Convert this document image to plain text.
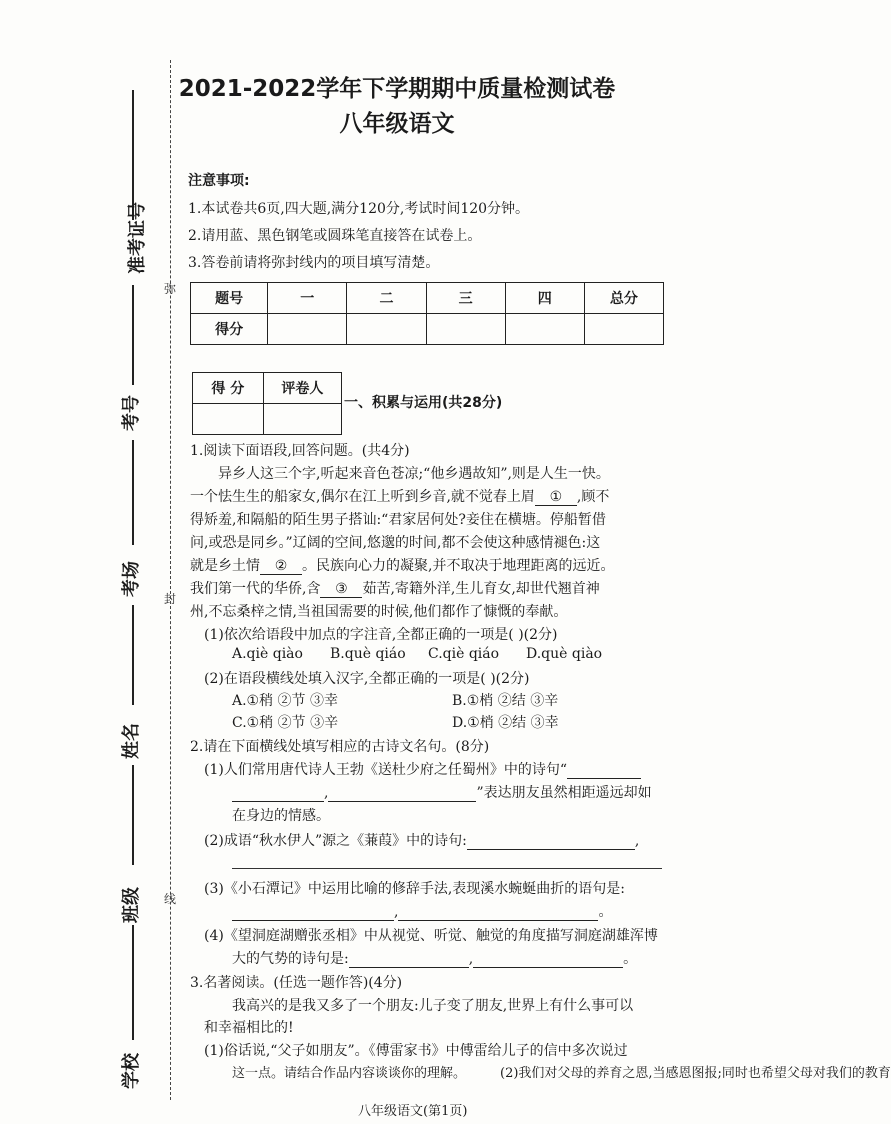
准考证号
考号
考场
姓名
班级
学校
弥
封
线
2021-2022学年下学期期中质量检测试卷
八年级语文
注意事项:
1.本试卷共6页,四大题,满分120分,考试时间120分钟。
2.请用蓝、黑色钢笔或圆珠笔直接答在试卷上。
3.答卷前请将弥封线内的项目填写清楚。
题号	一	二	三	四	总分
得分					
得 分	评卷人

一、积累与运用(共28分)
1.阅读下面语段,回答问题。(共4分)
异乡人这三个字,听起来音色苍凉;“他乡遇故知”,则是人生一快。
一个怯生生的船家女,偶尔在江上听到乡音,就不觉春上眉 ① ,顾不
得矫羞,和隔船的陌生男子搭讪:“君家居何处?妾住在横塘。停船暂借
问,或恐是同乡。”辽阔的空间,悠邈的时间,都不会使这种感情褪色:这
就是乡土情 ② 。民族向心力的凝聚,并不取决于地理距离的远近。
我们第一代的华侨,含 ③ 茹苦,寄籍外洋,生儿育女,却世代翘首神
州,不忘桑梓之情,当祖国需要的时候,他们都作了慷慨的奉献。
(1)依次给语段中加点的字注音,全都正确的一项是( )(2分)
A.qiè qiào B.què qiáo C.qiè qiáo D.què qiào
(2)在语段横线处填入汉字,全都正确的一项是( )(2分)
A.①稍 ②节 ③幸	B.①梢 ②结 ③辛
C.①稍 ②节 ③辛	D.①梢 ②结 ③幸
2.请在下面横线处填写相应的古诗文名句。(8分)
(1)人们常用唐代诗人王勃《送杜少府之任蜀州》中的诗句“
,	”表达朋友虽然相距遥远却如
在身边的情感。
(2)成语“秋水伊人”源之《蒹葭》中的诗句:	,
(3)《小石潭记》中运用比喻的修辞手法,表现溪水蜿蜒曲折的语句是:
,	。
(4)《望洞庭湖赠张丞相》中从视觉、听觉、触觉的角度描写洞庭湖雄浑博
大的气势的诗句是:	,	。
3.名著阅读。(任选一题作答)(4分)
我高兴的是我又多了一个朋友:儿子变了朋友,世界上有什么事可以
和幸福相比的!
(1)俗话说,“父子如朋友”。《傅雷家书》中傅雷给儿子的信中多次说过
这一点。请结合作品内容谈谈你的理解。	(2)我们对父母的养育之恩,当感恩图报;同时也希望父母对我们的教育
八年级语文(第1页)
